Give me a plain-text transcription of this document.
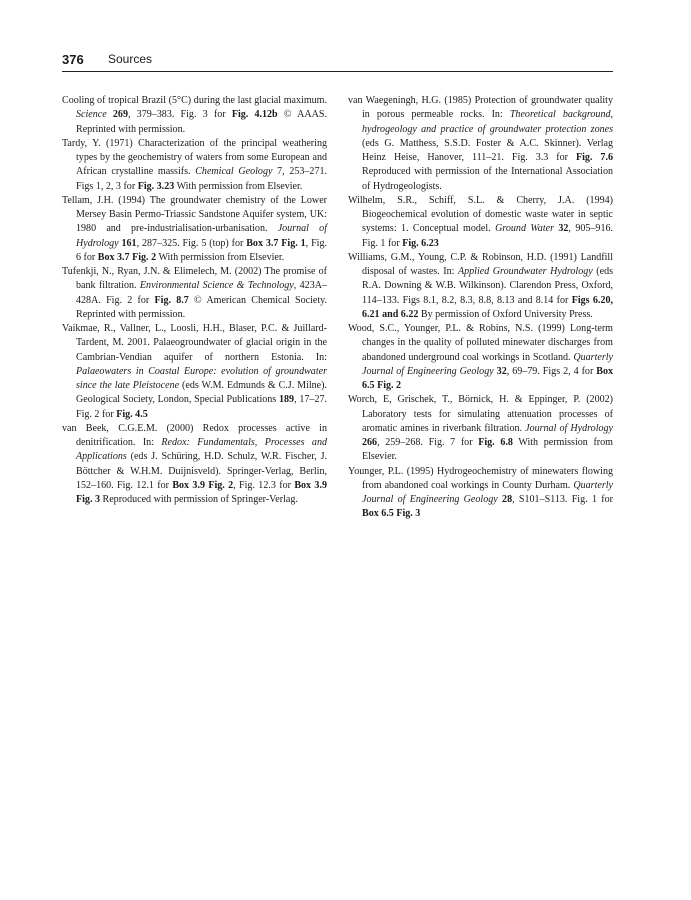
376 Sources

Cooling of tropical Brazil (5°C) during the last glacial maximum. Science 269, 379–383. Fig. 3 for Fig. 4.12b © AAAS. Reprinted with permission.

Tardy, Y. (1971) Characterization of the principal weathering types by the geochemistry of waters from some European and African crystalline massifs. Chemical Geology 7, 253–271. Figs 1, 2, 3 for Fig. 3.23 With permission from Elsevier.

Tellam, J.H. (1994) The groundwater chemistry of the Lower Mersey Basin Permo-Triassic Sandstone Aquifer system, UK: 1980 and pre-industrialisation-urbanisation. Journal of Hydrology 161, 287–325. Fig. 5 (top) for Box 3.7 Fig. 1, Fig. 6 for Box 3.7 Fig. 2 With permission from Elsevier.

Tufenkji, N., Ryan, J.N. & Elimelech, M. (2002) The promise of bank filtration. Environmental Science & Technology, 423A–428A. Fig. 2 for Fig. 8.7 © American Chemical Society. Reprinted with permission.

Vaikmae, R., Vallner, L., Loosli, H.H., Blaser, P.C. & Juillard-Tardent, M. 2001. Palaeogroundwater of glacial origin in the Cambrian-Vendian aquifer of northern Estonia. In: Palaeowaters in Coastal Europe: evolution of groundwater since the late Pleistocene (eds W.M. Edmunds & C.J. Milne). Geological Society, London, Special Publications 189, 17–27. Fig. 2 for Fig. 4.5

van Beek, C.G.E.M. (2000) Redox processes active in denitrification. In: Redox: Fundamentals, Processes and Applications (eds J. Schüring, H.D. Schulz, W.R. Fischer, J. Böttcher & W.H.M. Duijnisveld). Springer-Verlag, Berlin, 152–160. Fig. 12.1 for Box 3.9 Fig. 2, Fig. 12.3 for Box 3.9 Fig. 3 Reproduced with permission of Springer-Verlag.

van Waegeningh, H.G. (1985) Protection of groundwater quality in porous permeable rocks. In: Theoretical background, hydrogeology and practice of groundwater protection zones (eds G. Matthess, S.S.D. Foster & A.C. Skinner). Verlag Heinz Heise, Hanover, 111–21. Fig. 3.3 for Fig. 7.6 Reproduced with permission of the International Association of Hydrogeologists.

Wilhelm, S.R., Schiff, S.L. & Cherry, J.A. (1994) Biogeochemical evolution of domestic waste water in septic systems: 1. Conceptual model. Ground Water 32, 905–916. Fig. 1 for Fig. 6.23

Williams, G.M., Young, C.P. & Robinson, H.D. (1991) Landfill disposal of wastes. In: Applied Groundwater Hydrology (eds R.A. Downing & W.B. Wilkinson). Clarendon Press, Oxford, 114–133. Figs 8.1, 8.2, 8.3, 8.8, 8.13 and 8.14 for Figs 6.20, 6.21 and 6.22 By permission of Oxford University Press.

Wood, S.C., Younger, P.L. & Robins, N.S. (1999) Long-term changes in the quality of polluted minewater discharges from abandoned underground coal workings in Scotland. Quarterly Journal of Engineering Geology 32, 69–79. Figs 2, 4 for Box 6.5 Fig. 2

Worch, E, Grischek, T., Börnick, H. & Eppinger, P. (2002) Laboratory tests for simulating attenuation processes of aromatic amines in riverbank filtration. Journal of Hydrology 266, 259–268. Fig. 7 for Fig. 6.8 With permission from Elsevier.

Younger, P.L. (1995) Hydrogeochemistry of minewaters flowing from abandoned coal workings in County Durham. Quarterly Journal of Engineering Geology 28, S101–S113. Fig. 1 for Box 6.5 Fig. 3
